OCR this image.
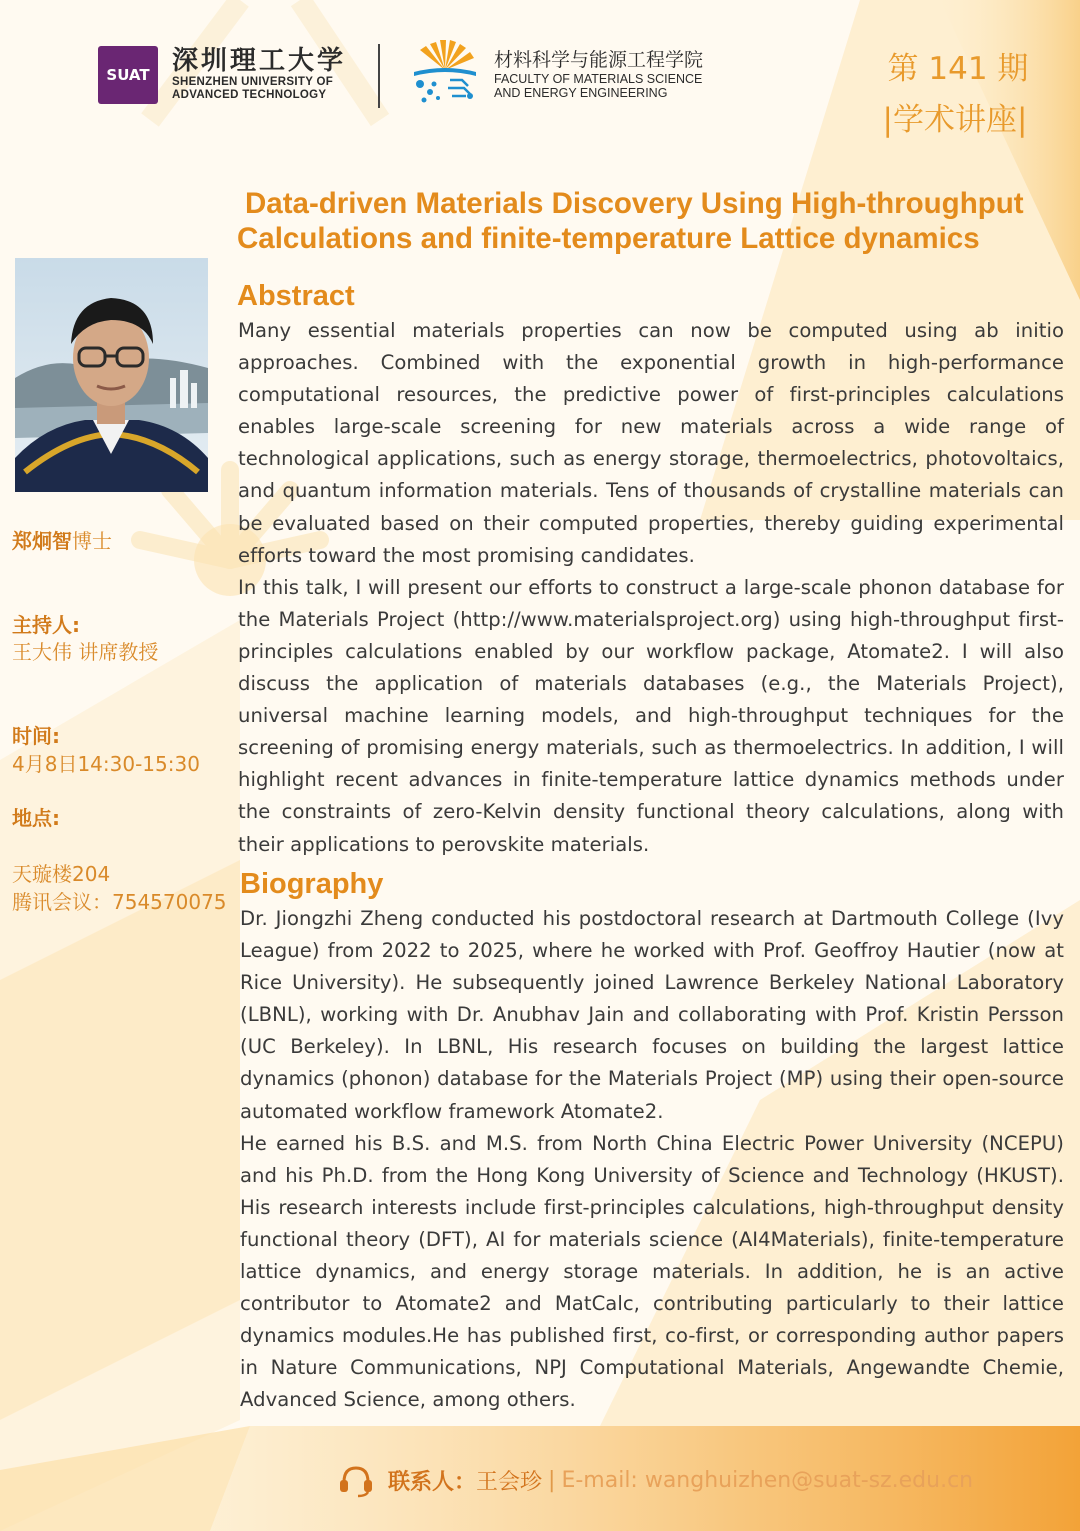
SUAT 深圳理工大学
SHENZHEN UNIVERSITY OF
ADVANCED TECHNOLOGY
材料科学与能源工程学院
FACULTY OF MATERIALS SCIENCE
AND ENERGY ENGINEERING
第 141 期
|学术讲座|
Data-driven Materials Discovery Using High-throughput
Calculations and finite-temperature Lattice dynamics
郑炯智博士
主持人:
王大伟 讲席教授
时间:
4月8日14:30-15:30
地点:
天璇楼204
腾讯会议：754570075
Abstract
Many essential materials properties can now be computed using ab initio approaches. Combined with the exponential growth in high-performance computational resources, the predictive power of first-principles calculations enables large-scale screening for new materials across a wide range of technological applications, such as energy storage, thermoelectrics, photovoltaics, and quantum information materials. Tens of thousands of crystalline materials can be evaluated based on their computed properties, thereby guiding experimental efforts toward the most promising candidates.
In this talk, I will present our efforts to construct a large-scale phonon database for the Materials Project (http://www.materialsproject.org) using high-throughput first-principles calculations enabled by our workflow package, Atomate2. I will also discuss the application of materials databases (e.g., the Materials Project), universal machine learning models, and high-throughput techniques for the screening of promising energy materials, such as thermoelectrics. In addition, I will highlight recent advances in finite-temperature lattice dynamics methods under the constraints of zero-Kelvin density functional theory calculations, along with their applications to perovskite materials.
Biography
Dr. Jiongzhi Zheng conducted his postdoctoral research at Dartmouth College (Ivy League) from 2022 to 2025, where he worked with Prof. Geoffroy Hautier (now at Rice University). He subsequently joined Lawrence Berkeley National Laboratory (LBNL), working with Dr. Anubhav Jain and collaborating with Prof. Kristin Persson (UC Berkeley). In LBNL, His research focuses on building the largest lattice dynamics (phonon) database for the Materials Project (MP) using their open-source automated workflow framework Atomate2.
He earned his B.S. and M.S. from North China Electric Power University (NCEPU) and his Ph.D. from the Hong Kong University of Science and Technology (HKUST). His research interests include first-principles calculations, high-throughput density functional theory (DFT), AI for materials science (AI4Materials), finite-temperature lattice dynamics, and energy storage materials. In addition, he is an active contributor to Atomate2 and MatCalc, contributing particularly to their lattice dynamics modules.He has published first, co-first, or corresponding author papers in Nature Communications, NPJ Computational Materials, Angewandte Chemie, Advanced Science, among others.
联系人： 王会珍 | E-mail: wanghuizhen@suat-sz.edu.cn
